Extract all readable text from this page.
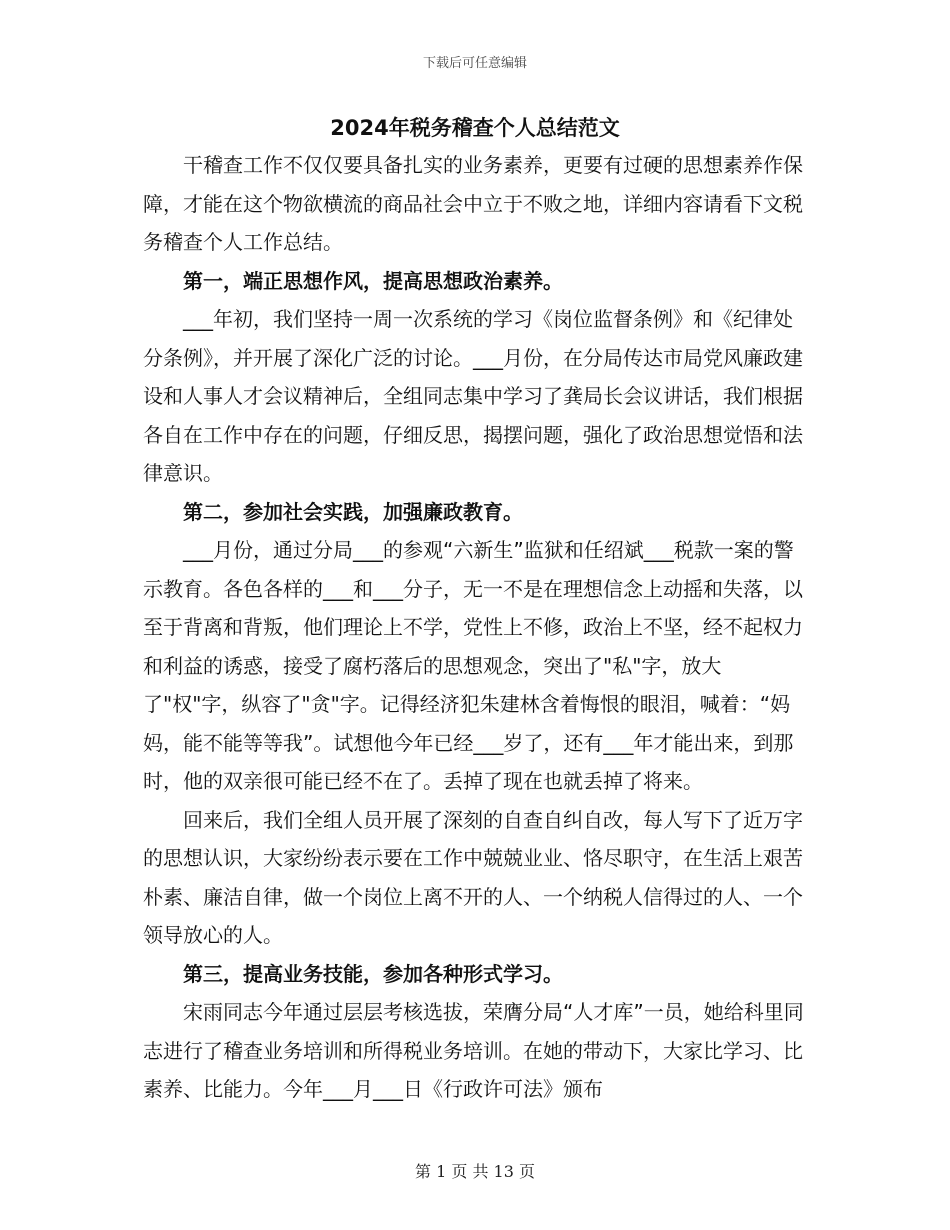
下载后可任意编辑
2024年税务稽查个人总结范文

干稽查工作不仅仅要具备扎实的业务素养，更要有过硬的思想素养作保障，才能在这个物欲横流的商品社会中立于不败之地，详细内容请看下文税务稽查个人工作总结。

第一，端正思想作风，提高思想政治素养。

___年初，我们坚持一周一次系统的学习《岗位监督条例》和《纪律处分条例》，并开展了深化广泛的讨论。___月份，在分局传达市局党风廉政建设和人事人才会议精神后，全组同志集中学习了龚局长会议讲话，我们根据各自在工作中存在的问题，仔细反思，揭摆问题，强化了政治思想觉悟和法律意识。

第二，参加社会实践，加强廉政教育。

___月份，通过分局___的参观“六新生”监狱和任绍斌___税款一案的警示教育。各色各样的___和___分子，无一不是在理想信念上动摇和失落，以至于背离和背叛，他们理论上不学，党性上不修，政治上不坚，经不起权力和利益的诱惑，接受了腐朽落后的思想观念，突出了"私"字，放大了"权"字，纵容了"贪"字。记得经济犯朱建林含着悔恨的眼泪，喊着：“妈妈，能不能等等我”。试想他今年已经___岁了，还有___年才能出来，到那时，他的双亲很可能已经不在了。丢掉了现在也就丢掉了将来。

回来后，我们全组人员开展了深刻的自查自纠自改，每人写下了近万字的思想认识，大家纷纷表示要在工作中兢兢业业、恪尽职守，在生活上艰苦朴素、廉洁自律，做一个岗位上离不开的人、一个纳税人信得过的人、一个领导放心的人。

第三，提高业务技能，参加各种形式学习。

宋雨同志今年通过层层考核选拔，荣膺分局“人才库”一员，她给科里同志进行了稽查业务培训和所得税业务培训。在她的带动下，大家比学习、比素养、比能力。今年___月___日《行政许可法》颁布

第 1 页 共 13 页
